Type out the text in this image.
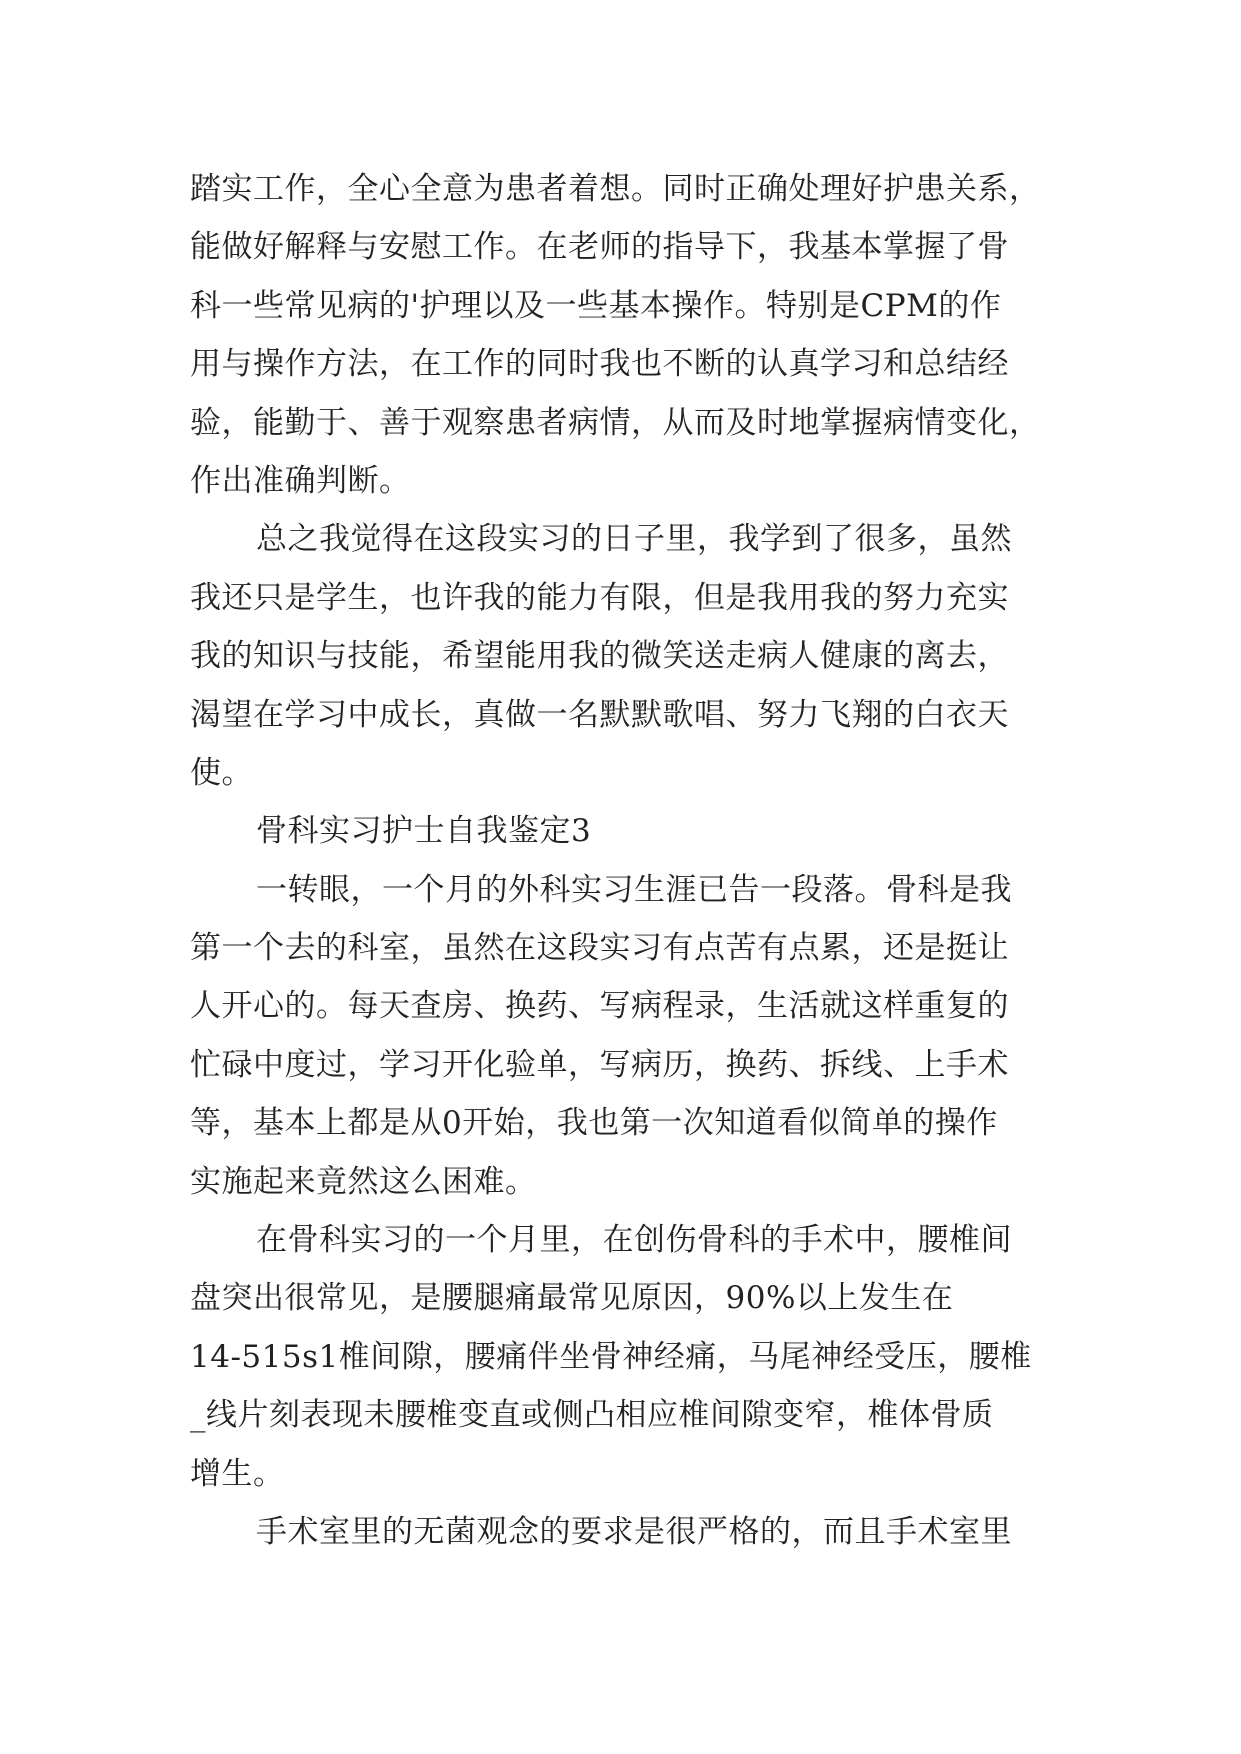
踏实工作，全心全意为患者着想。同时正确处理好护患关系，
能做好解释与安慰工作。在老师的指导下，我基本掌握了骨
科一些常见病的'护理以及一些基本操作。特别是CPM的作
用与操作方法，在工作的同时我也不断的认真学习和总结经
验，能勤于、善于观察患者病情，从而及时地掌握病情变化，
作出准确判断。
总之我觉得在这段实习的日子里，我学到了很多，虽然
我还只是学生，也许我的能力有限，但是我用我的努力充实
我的知识与技能，希望能用我的微笑送走病人健康的离去，
渴望在学习中成长，真做一名默默歌唱、努力飞翔的白衣天
使。
骨科实习护士自我鉴定3
一转眼，一个月的外科实习生涯已告一段落。骨科是我
第一个去的科室，虽然在这段实习有点苦有点累，还是挺让
人开心的。每天查房、换药、写病程录，生活就这样重复的
忙碌中度过，学习开化验单，写病历，换药、拆线、上手术
等，基本上都是从0开始，我也第一次知道看似简单的操作
实施起来竟然这么困难。
在骨科实习的一个月里，在创伤骨科的手术中，腰椎间
盘突出很常见，是腰腿痛最常见原因，90%以上发生在
14-515s1椎间隙，腰痛伴坐骨神经痛，马尾神经受压，腰椎
_线片刻表现未腰椎变直或侧凸相应椎间隙变窄，椎体骨质
增生。
手术室里的无菌观念的要求是很严格的，而且手术室里
